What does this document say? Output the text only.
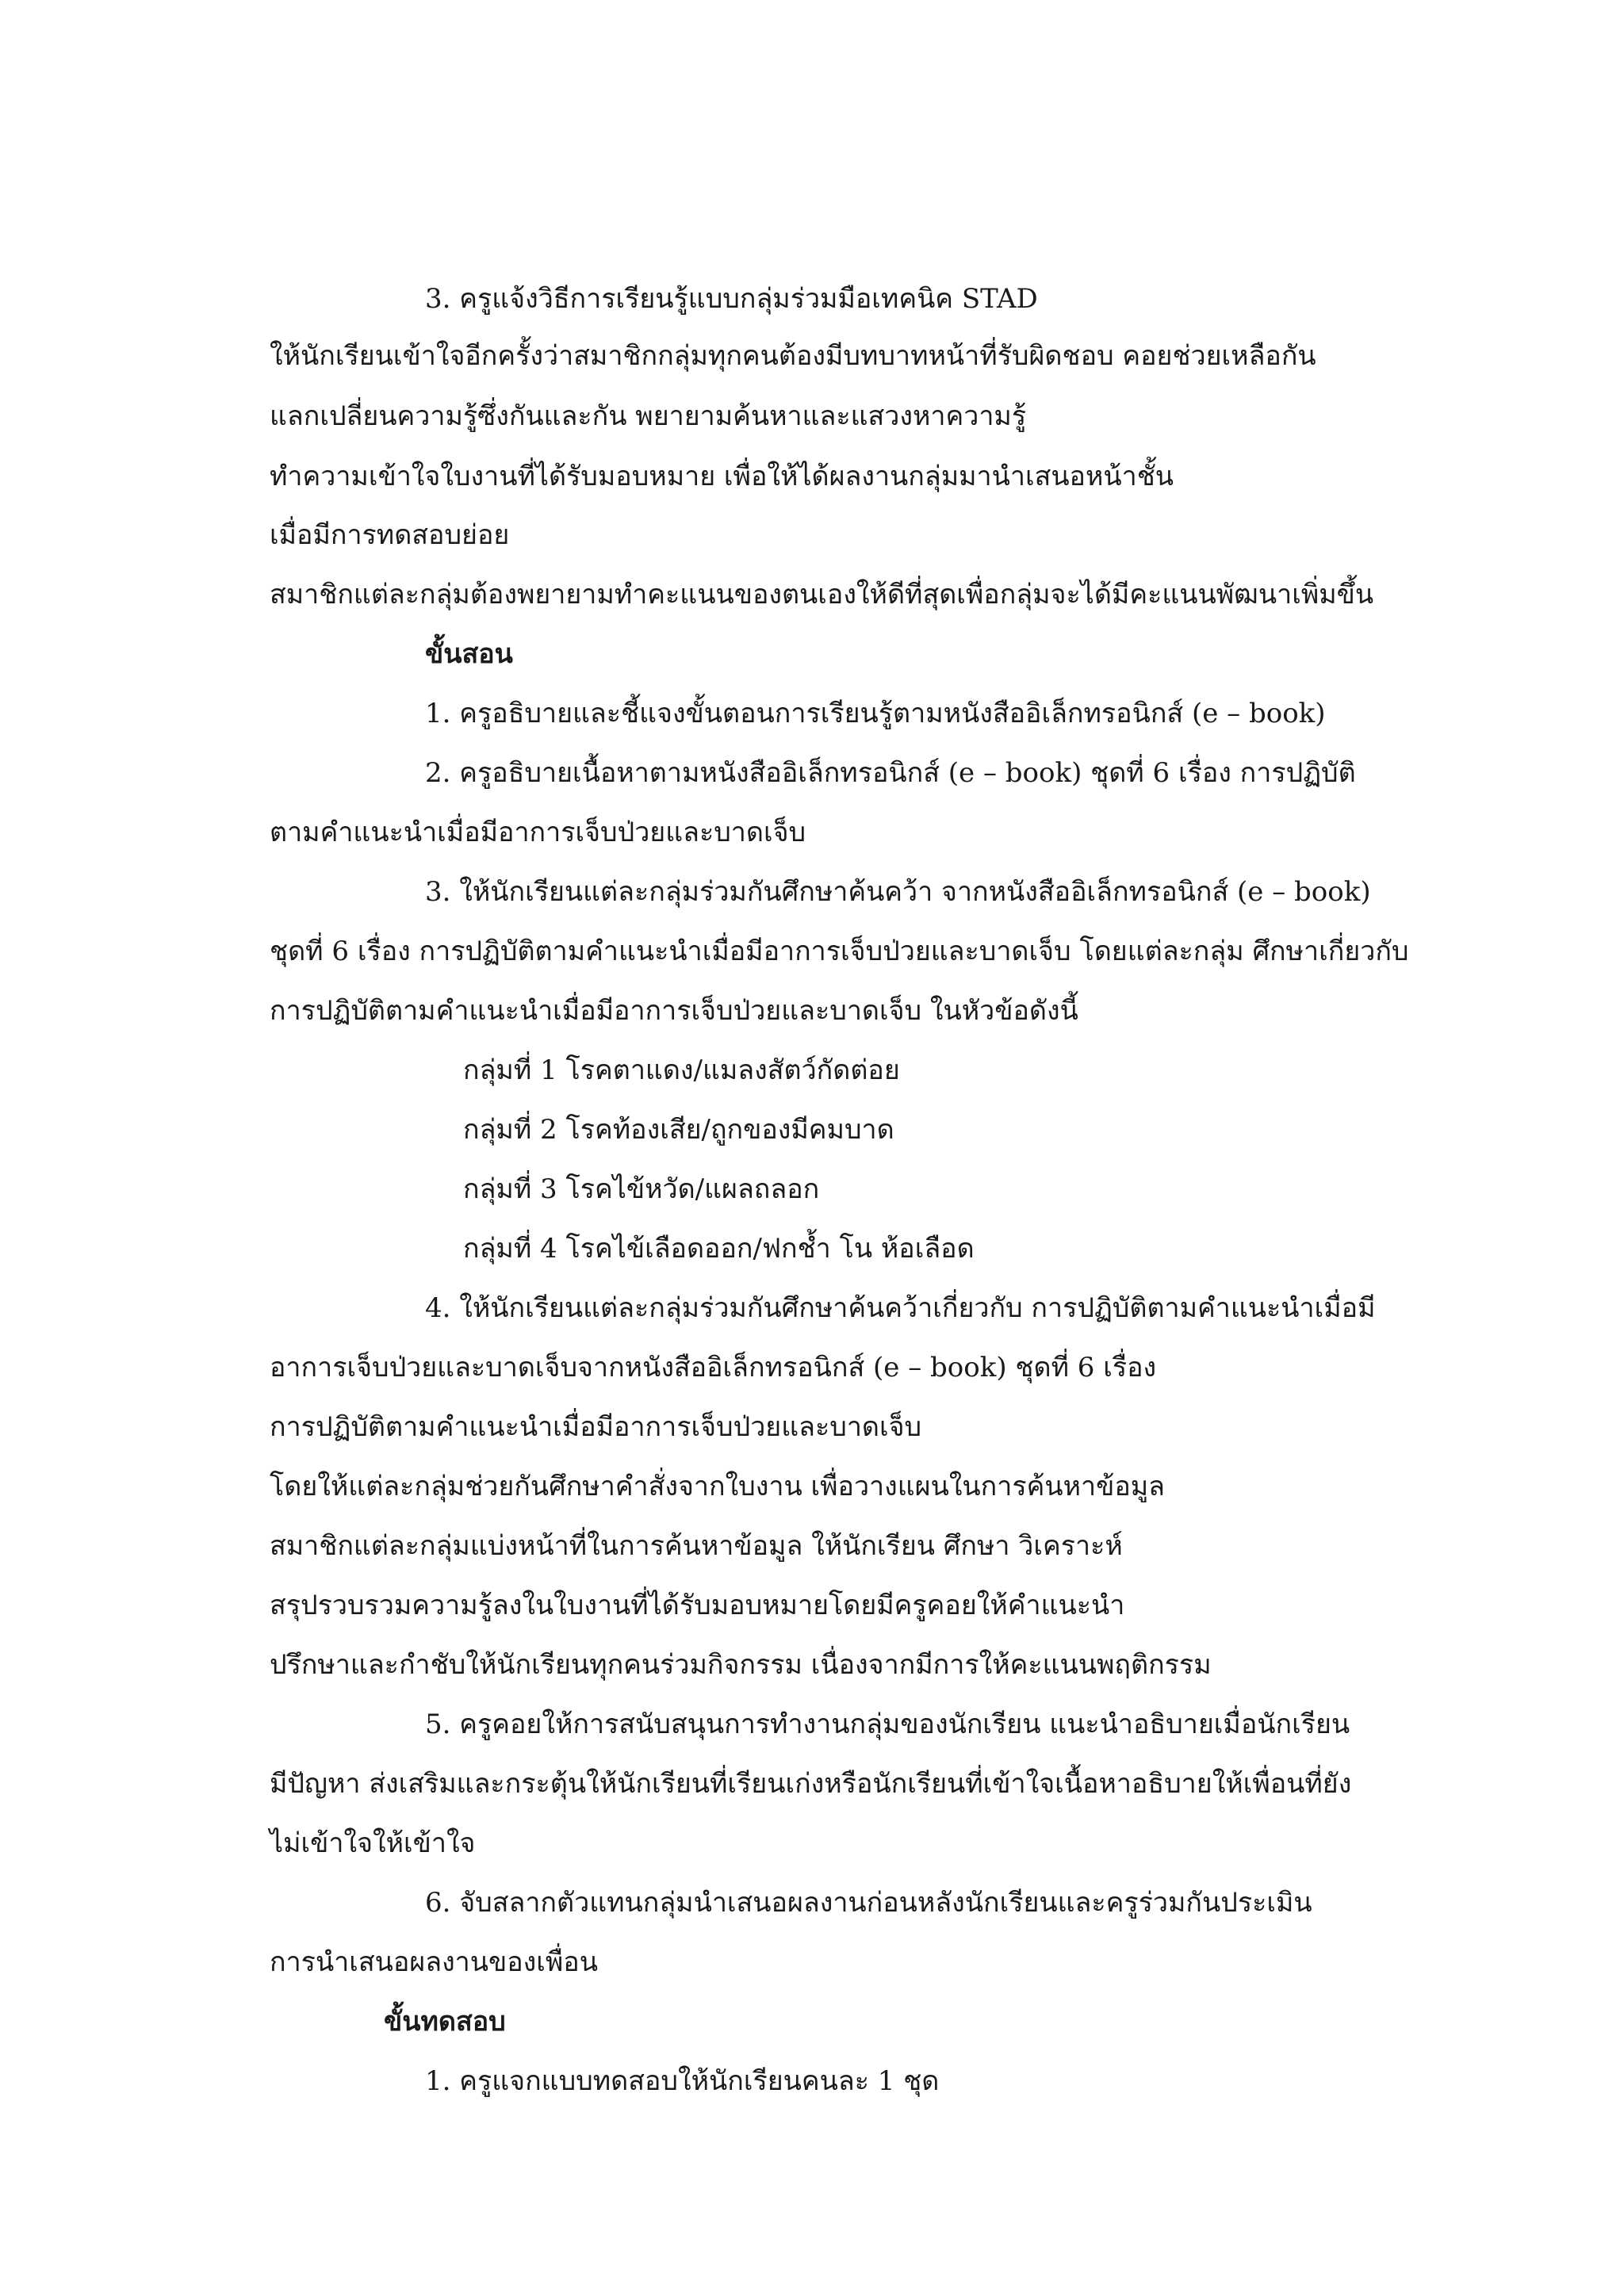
3. ครูแจ้งวิธีการเรียนรู้แบบกลุ่มร่วมมือเทคนิค STAD
ให้นักเรียนเข้าใจอีกครั้งว่าสมาชิกกลุ่มทุกคนต้องมีบทบาทหน้าที่รับผิดชอบ คอยช่วยเหลือกัน
แลกเปลี่ยนความรู้ซึ่งกันและกัน พยายามค้นหาและแสวงหาความรู้
ทำความเข้าใจใบงานที่ได้รับมอบหมาย เพื่อให้ได้ผลงานกลุ่มมานำเสนอหน้าชั้น
เมื่อมีการทดสอบย่อย
สมาชิกแต่ละกลุ่มต้องพยายามทำคะแนนของตนเองให้ดีที่สุดเพื่อกลุ่มจะได้มีคะแนนพัฒนาเพิ่มขึ้น
ขั้นสอน
1. ครูอธิบายและชี้แจงขั้นตอนการเรียนรู้ตามหนังสืออิเล็กทรอนิกส์ (e – book)
2. ครูอธิบายเนื้อหาตามหนังสืออิเล็กทรอนิกส์ (e – book) ชุดที่ 6 เรื่อง การปฏิบัติ
ตามคำแนะนำเมื่อมีอาการเจ็บป่วยและบาดเจ็บ
3. ให้นักเรียนแต่ละกลุ่มร่วมกันศึกษาค้นคว้า จากหนังสืออิเล็กทรอนิกส์ (e – book)
ชุดที่ 6 เรื่อง การปฏิบัติตามคำแนะนำเมื่อมีอาการเจ็บป่วยและบาดเจ็บ โดยแต่ละกลุ่ม ศึกษาเกี่ยวกับ
การปฏิบัติตามคำแนะนำเมื่อมีอาการเจ็บป่วยและบาดเจ็บ ในหัวข้อดังนี้
กลุ่มที่ 1 โรคตาแดง/แมลงสัตว์กัดต่อย
กลุ่มที่ 2 โรคท้องเสีย/ถูกของมีคมบาด
กลุ่มที่ 3 โรคไข้หวัด/แผลถลอก
กลุ่มที่ 4 โรคไข้เลือดออก/ฟกช้ำ โน ห้อเลือด
4. ให้นักเรียนแต่ละกลุ่มร่วมกันศึกษาค้นคว้าเกี่ยวกับ การปฏิบัติตามคำแนะนำเมื่อมี
อาการเจ็บป่วยและบาดเจ็บจากหนังสืออิเล็กทรอนิกส์ (e – book) ชุดที่ 6 เรื่อง
การปฏิบัติตามคำแนะนำเมื่อมีอาการเจ็บป่วยและบาดเจ็บ
โดยให้แต่ละกลุ่มช่วยกันศึกษาคำสั่งจากใบงาน เพื่อวางแผนในการค้นหาข้อมูล
สมาชิกแต่ละกลุ่มแบ่งหน้าที่ในการค้นหาข้อมูล ให้นักเรียน ศึกษา วิเคราะห์
สรุปรวบรวมความรู้ลงในใบงานที่ได้รับมอบหมายโดยมีครูคอยให้คำแนะนำ
ปรึกษาและกำชับให้นักเรียนทุกคนร่วมกิจกรรม เนื่องจากมีการให้คะแนนพฤติกรรม
5. ครูคอยให้การสนับสนุนการทำงานกลุ่มของนักเรียน แนะนำอธิบายเมื่อนักเรียน
มีปัญหา ส่งเสริมและกระตุ้นให้นักเรียนที่เรียนเก่งหรือนักเรียนที่เข้าใจเนื้อหาอธิบายให้เพื่อนที่ยัง
ไม่เข้าใจให้เข้าใจ
6. จับสลากตัวแทนกลุ่มนำเสนอผลงานก่อนหลังนักเรียนและครูร่วมกันประเมิน
การนำเสนอผลงานของเพื่อน
ขั้นทดสอบ
1. ครูแจกแบบทดสอบให้นักเรียนคนละ 1 ชุด
